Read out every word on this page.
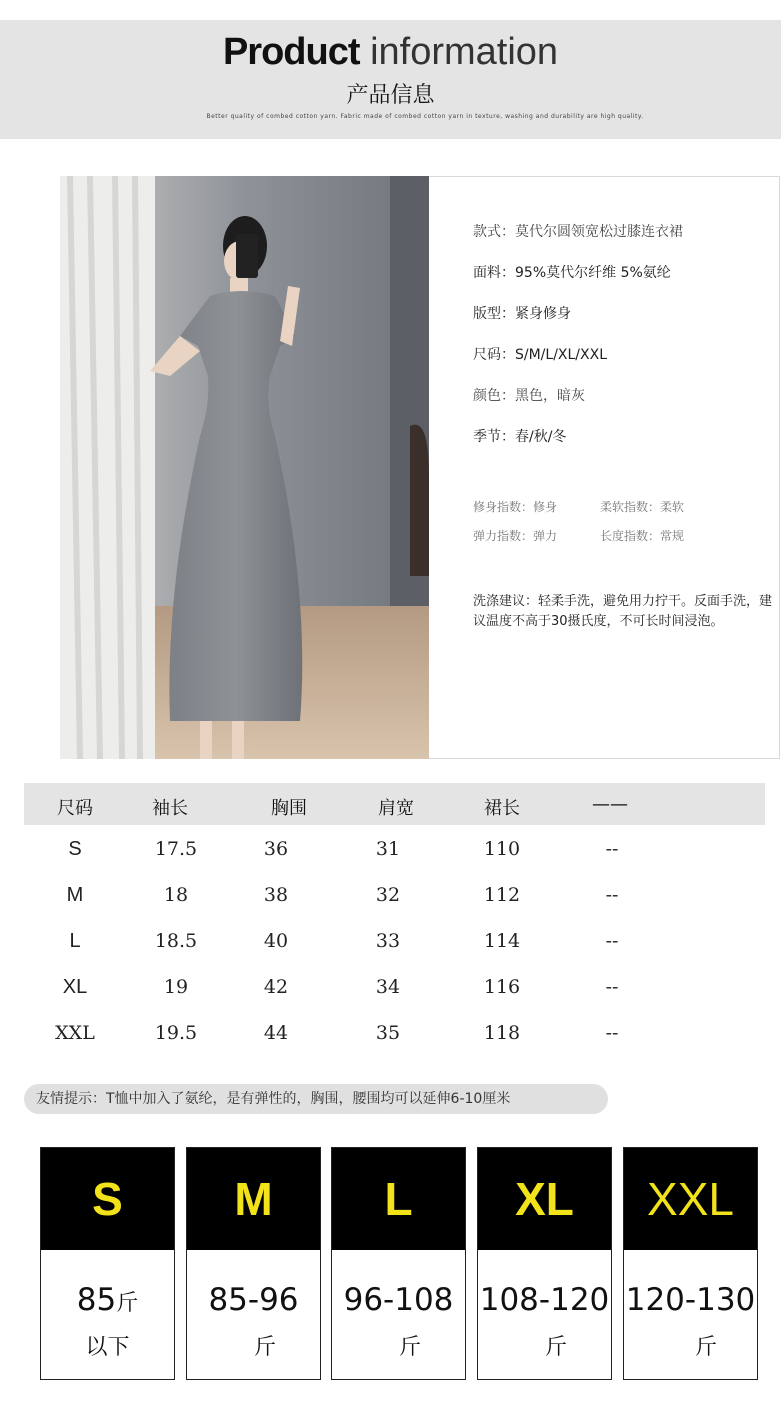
Product information
产品信息
Better quality of combed cotton yarn. Fabric made of combed cotton yarn in texture, washing and durability are high quality.
款式：莫代尔圆领宽松过膝连衣裙
面料：95%莫代尔纤维 5%氨纶
版型：紧身修身
尺码：S/M/L/XL/XXL
颜色：黑色，暗灰
季节：春/秋/冬
修身指数：修身	柔软指数：柔软
弹力指数：弹力	长度指数：常规
洗涤建议：轻柔手洗，避免用力拧干。反面手洗，建议温度不高于30摄氏度，不可长时间浸泡。
尺码	袖长	胸围	肩宽	裙长	——
S	17.5	36	31	110	--
M	18	38	32	112	--
L	18.5	40	33	114	--
XL	19	42	34	116	--
XXL	19.5	44	35	118	--
友情提示：T恤中加入了氨纶，是有弹性的，胸围，腰围均可以延伸6-10厘米
S
85斤
以下
M
85-96
斤
L
96-108
斤
XL
108-120
斤
XXL
120-130
斤
